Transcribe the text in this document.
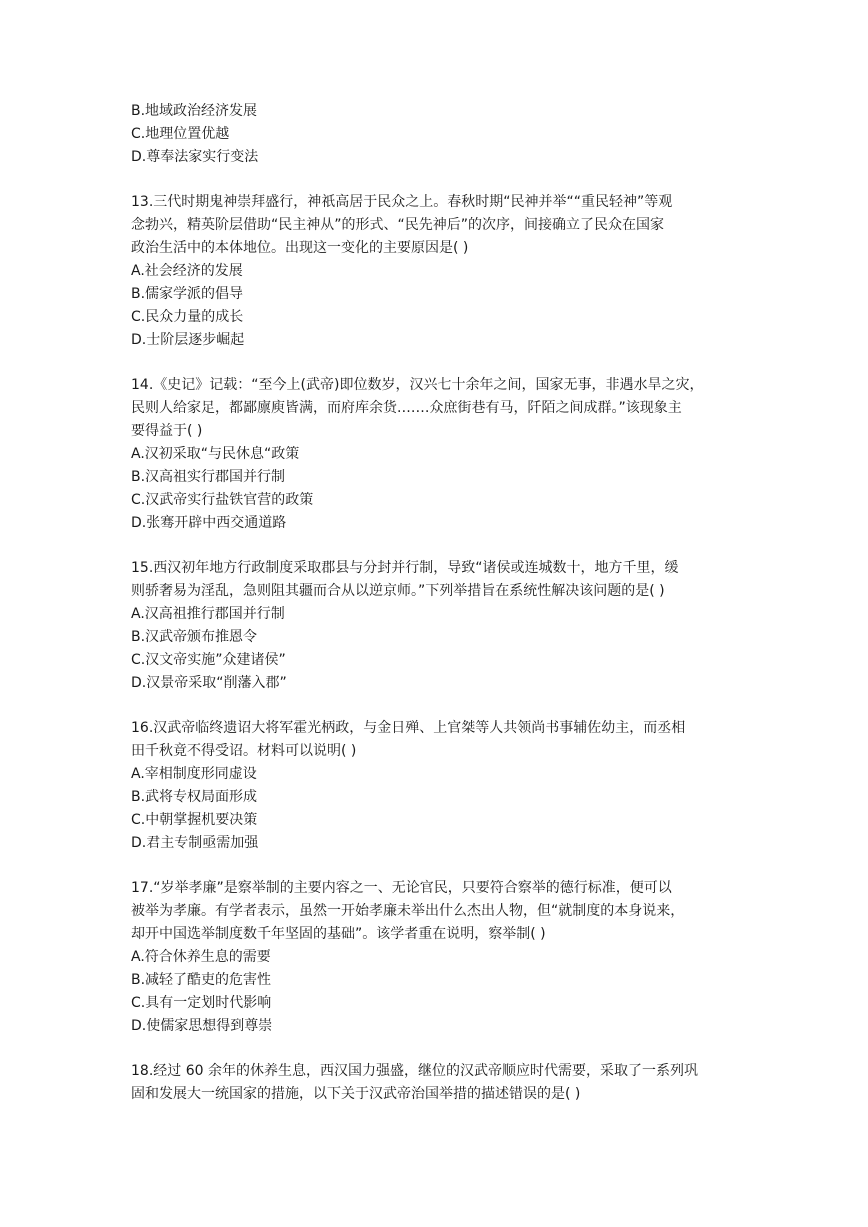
B.地域政治经济发展
C.地理位置优越
D.尊奉法家实行变法
13.三代时期鬼神崇拜盛行，神祇高居于民众之上。春秋时期“民神并举““重民轻神”等观
念勃兴，精英阶层借助“民主神从”的形式、“民先神后”的次序，间接确立了民众在国家
政治生活中的本体地位。出现这一变化的主要原因是( )
A.社会经济的发展
B.儒家学派的倡导
C.民众力量的成长
D.士阶层逐步崛起
14.《史记》记载：“至今上(武帝)即位数岁，汉兴七十余年之间，国家无事，非遇水旱之灾，
民则人给家足，都鄙廪庾皆满，而府库余货.……众庶街巷有马，阡陌之间成群。”该现象主
要得益于( )
A.汉初采取“与民休息“政策
B.汉高祖实行郡国并行制
C.汉武帝实行盐铁官营的政策
D.张骞开辟中西交通道路
15.西汉初年地方行政制度采取郡县与分封并行制，导致“诸侯或连城数十，地方千里，缓
则骄奢易为淫乱，急则阻其疆而合从以逆京师。”下列举措旨在系统性解决该问题的是( )
A.汉高祖推行郡国并行制
B.汉武帝颁布推恩令
C.汉文帝实施”众建诸侯”
D.汉景帝采取“削藩入郡”
16.汉武帝临终遗诏大将军霍光柄政，与金日殚、上官桀等人共领尚书事辅佐幼主，而丞相
田千秋竟不得受诏。材料可以说明( )
A.宰相制度形同虚设
B.武将专权局面形成
C.中朝掌握机要决策
D.君主专制亟需加强
17.“岁举孝廉”是察举制的主要内容之一、无论官民，只要符合察举的德行标准，便可以
被举为孝廉。有学者表示，虽然一开始孝廉未举出什么杰出人物，但“就制度的本身说来，
却开中国选举制度数千年坚固的基础”。该学者重在说明，察举制( )
A.符合休养生息的需要
B.减轻了酷吏的危害性
C.具有一定划时代影响
D.使儒家思想得到尊崇
18.经过 60 余年的休养生息，西汉国力强盛，继位的汉武帝顺应时代需要，采取了一系列巩
固和发展大一统国家的措施，以下关于汉武帝治国举措的描述错误的是( )
